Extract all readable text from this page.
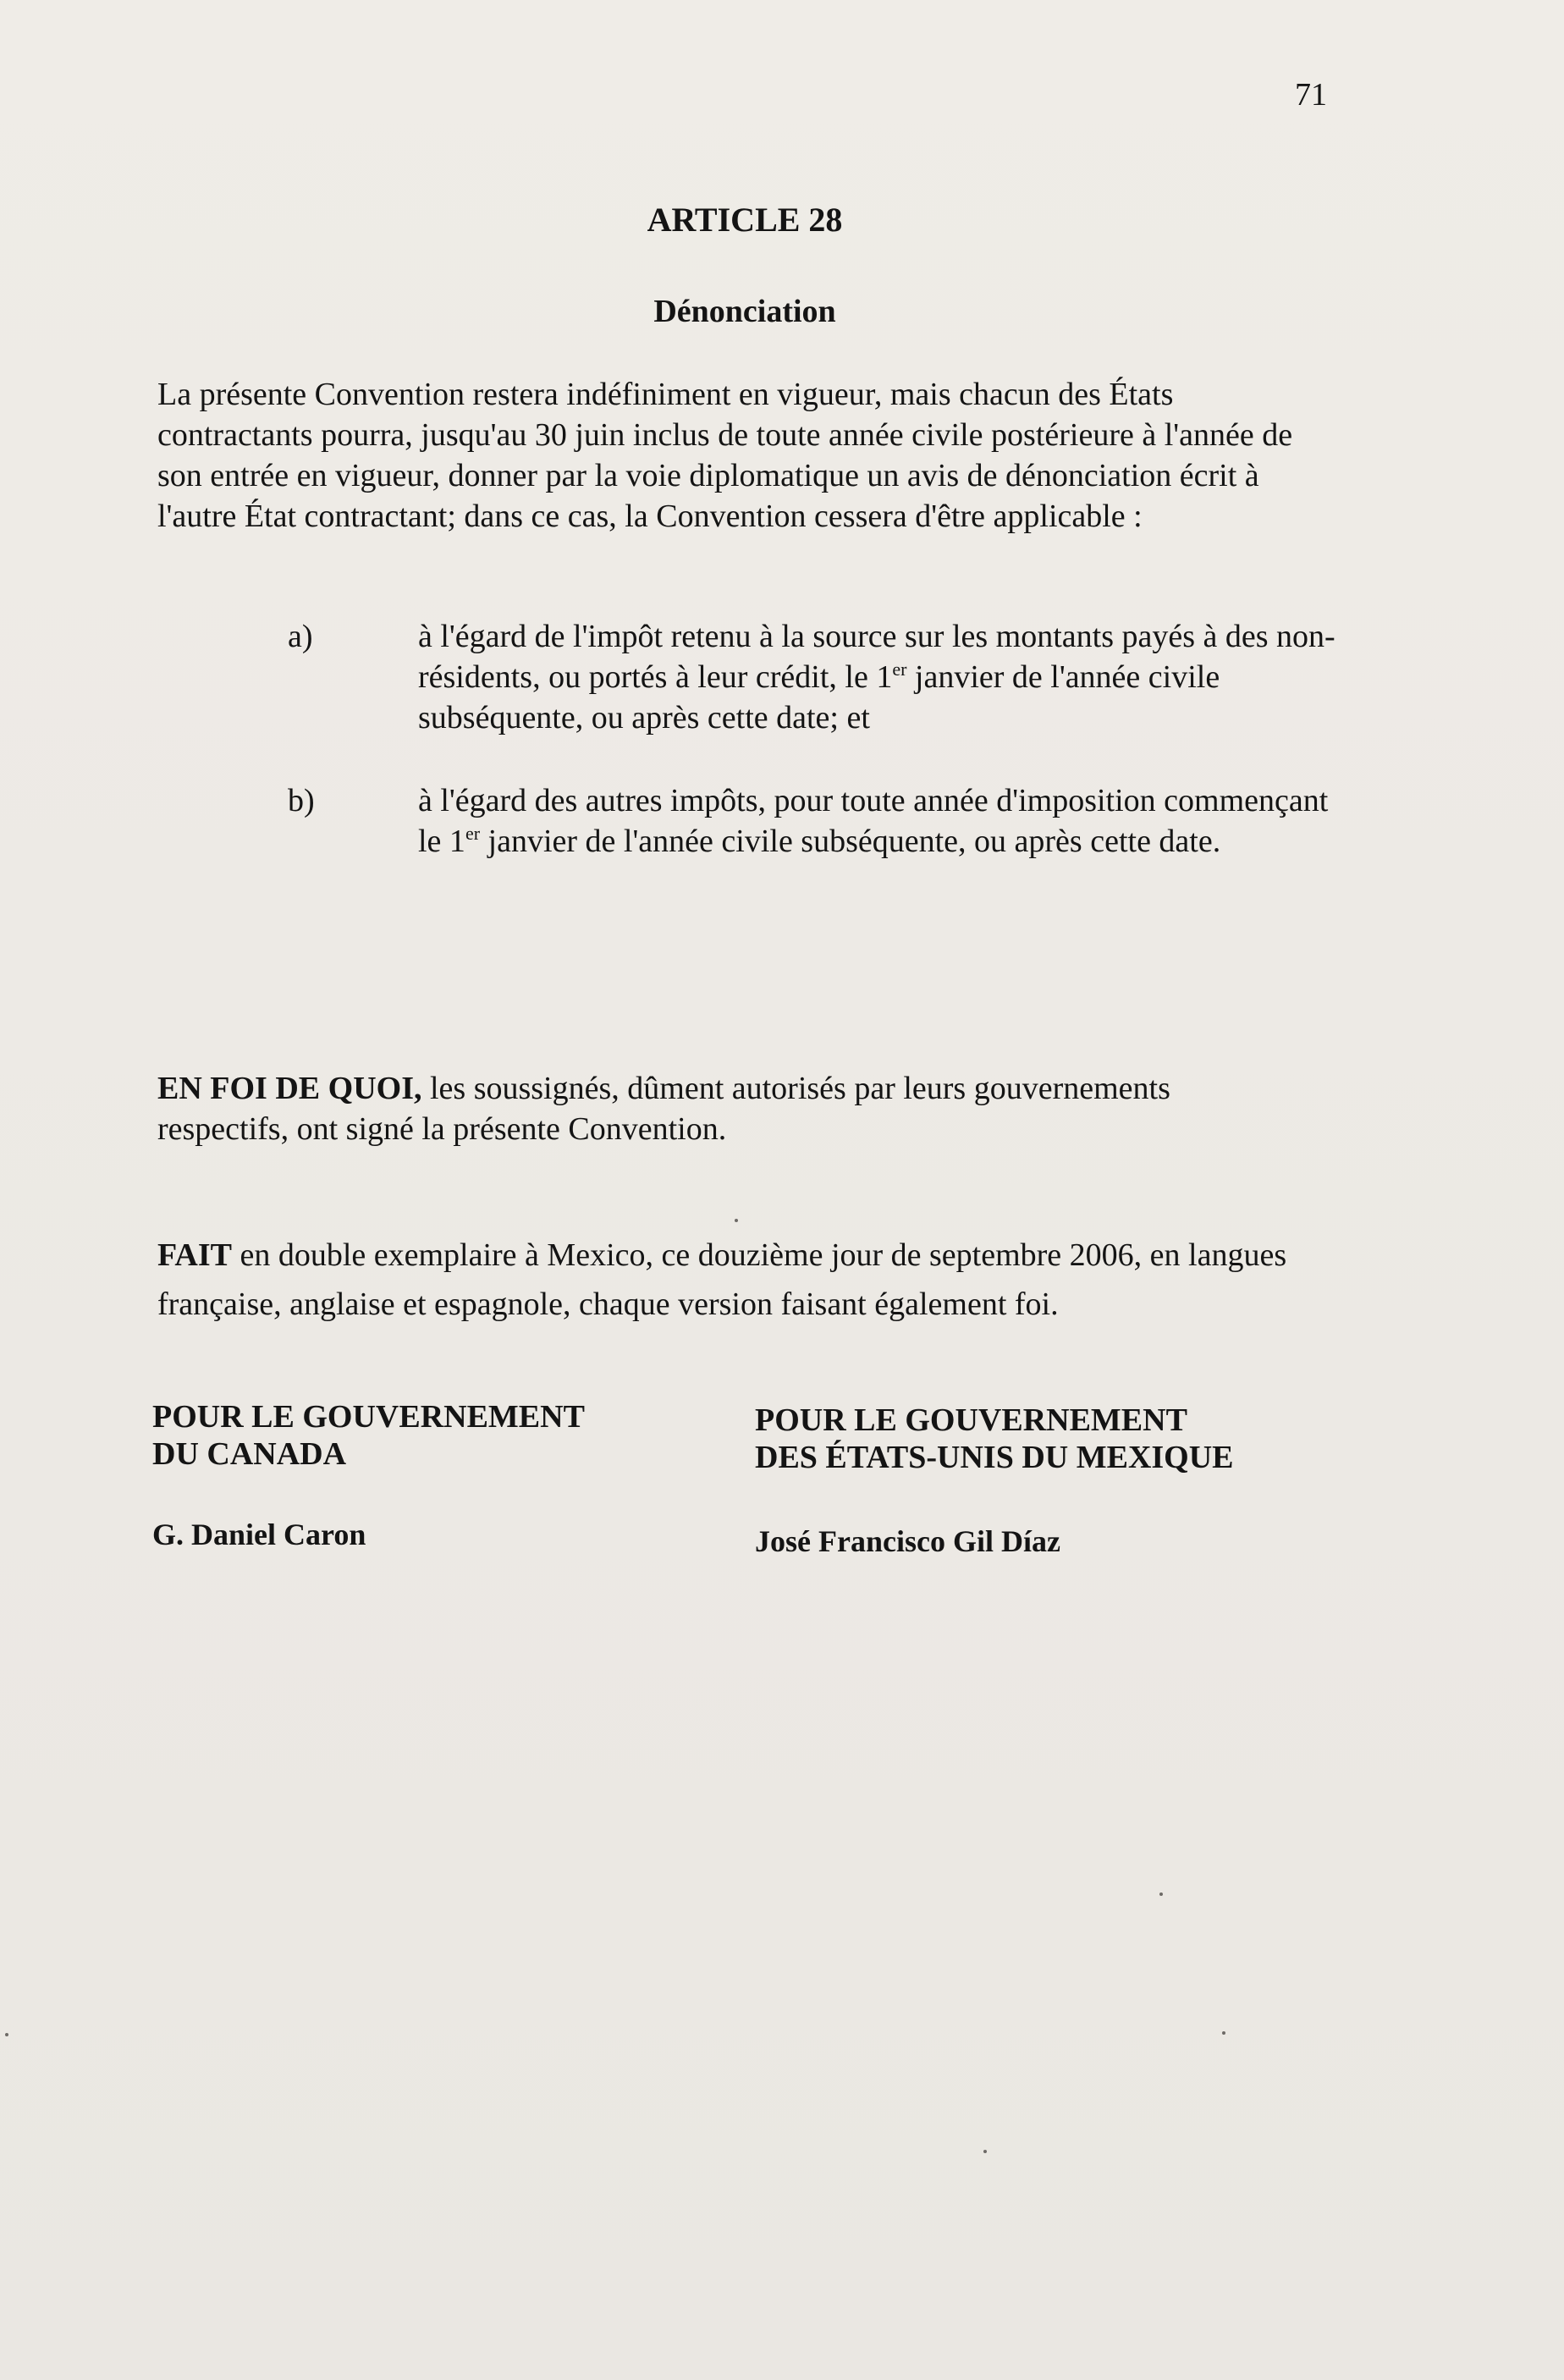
71
ARTICLE 28
Dénonciation

La présente Convention restera indéfiniment en vigueur, mais chacun des États contractants pourra, jusqu'au 30 juin inclus de toute année civile postérieure à l'année de son entrée en vigueur, donner par la voie diplomatique un avis de dénonciation écrit à l'autre État contractant; dans ce cas, la Convention cessera d'être applicable :

a)	à l'égard de l'impôt retenu à la source sur les montants payés à des non-résidents, ou portés à leur crédit, le 1er janvier de l'année civile subséquente, ou après cette date; et
b)	à l'égard des autres impôts, pour toute année d'imposition commençant le 1er janvier de l'année civile subséquente, ou après cette date.
EN FOI DE QUOI, les soussignés, dûment autorisés par leurs gouvernements respectifs, ont signé la présente Convention.
FAIT en double exemplaire à Mexico, ce douzième jour de septembre 2006, en langues française, anglaise et espagnole, chaque version faisant également foi.
POUR LE GOUVERNEMENT
DU CANADA
POUR LE GOUVERNEMENT
DES ÉTATS-UNIS DU MEXIQUE
G. Daniel Caron	José Francisco Gil Díaz
